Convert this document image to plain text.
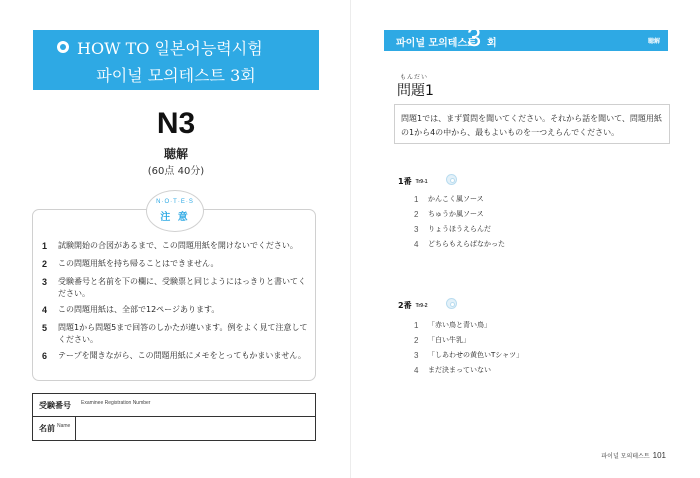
HOW TO 일본어능력시험
파이널 모의테스트 3회
N3
聴解
(60点 40分)
N·O·T·E·S
注 意
1 試験開始の合図があるまで、この問題用紙を開けないでください。
2 この問題用紙を持ち帰ることはできません。
3 受験番号と名前を下の欄に、受験票と同じようにはっきりと書いてください。
4 この問題用紙は、全部で12ページあります。
5 問題1から問題5まで回答のしかたが違います。例をよく見て注意してください。
6 テープを聞きながら、この問題用紙にメモをとってもかまいません。
受験番号 Examinee Registration Number
名前 Name
파이널 모의테스트
3 회	聴解
もんだい
問題1

問題1では、まず質問を聞いてください。それから話を聞いて、問題用紙の1から4の中から、最もよいものを一つえらんでください。

1番 Tr9-1
1 かんこく風ソース
2 ちゅうか風ソース
3 りょうほうえらんだ
4 どちらもえらばなかった
2番 Tr9-2
1 「赤い鳥と青い鳥」
2 「白い牛乳」
3 「しあわせの黄色いTシャツ」
4 まだ決まっていない
파이널 모의테스트 101
